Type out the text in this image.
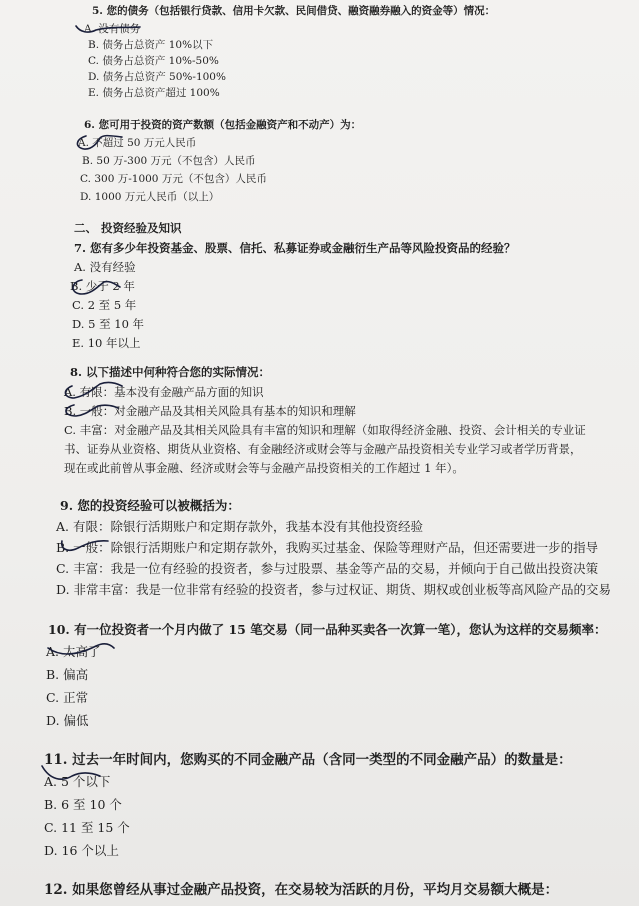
5. 您的债务（包括银行贷款、信用卡欠款、民间借贷、融资融券融入的资金等）情况：
A. 没有债务
B. 债务占总资产 10%以下
C. 债务占总资产 10%-50%
D. 债务占总资产 50%-100%
E. 债务占总资产超过 100%
6. 您可用于投资的资产数额（包括金融资产和不动产）为：
A. 不超过 50 万元人民币
B. 50 万-300 万元（不包含）人民币
C. 300 万-1000 万元（不包含）人民币
D. 1000 万元人民币（以上）
二、 投资经验及知识
7. 您有多少年投资基金、股票、信托、私募证券或金融衍生产品等风险投资品的经验？
A. 没有经验
B. 少于 2 年
C. 2 至 5 年
D. 5 至 10 年
E. 10 年以上
8. 以下描述中何种符合您的实际情况：
A. 有限：基本没有金融产品方面的知识
B. 一般：对金融产品及其相关风险具有基本的知识和理解
C. 丰富：对金融产品及其相关风险具有丰富的知识和理解（如取得经济金融、投资、会计相关的专业证
书、证券从业资格、期货从业资格、有金融经济或财会等与金融产品投资相关专业学习或者学历背景，
现在或此前曾从事金融、经济或财会等与金融产品投资相关的工作超过 1 年）。
9. 您的投资经验可以被概括为：
A. 有限：除银行活期账户和定期存款外，我基本没有其他投资经验
B. 一般：除银行活期账户和定期存款外，我购买过基金、保险等理财产品，但还需要进一步的指导
C. 丰富：我是一位有经验的投资者，参与过股票、基金等产品的交易，并倾向于自己做出投资决策
D. 非常丰富：我是一位非常有经验的投资者，参与过权证、期货、期权或创业板等高风险产品的交易
10. 有一位投资者一个月内做了 15 笔交易（同一品种买卖各一次算一笔），您认为这样的交易频率：
A. 太高了
B. 偏高
C. 正常
D. 偏低
11. 过去一年时间内，您购买的不同金融产品（含同一类型的不同金融产品）的数量是：
A. 5 个以下
B. 6 至 10 个
C. 11 至 15 个
D. 16 个以上
12. 如果您曾经从事过金融产品投资，在交易较为活跃的月份，平均月交易额大概是：
